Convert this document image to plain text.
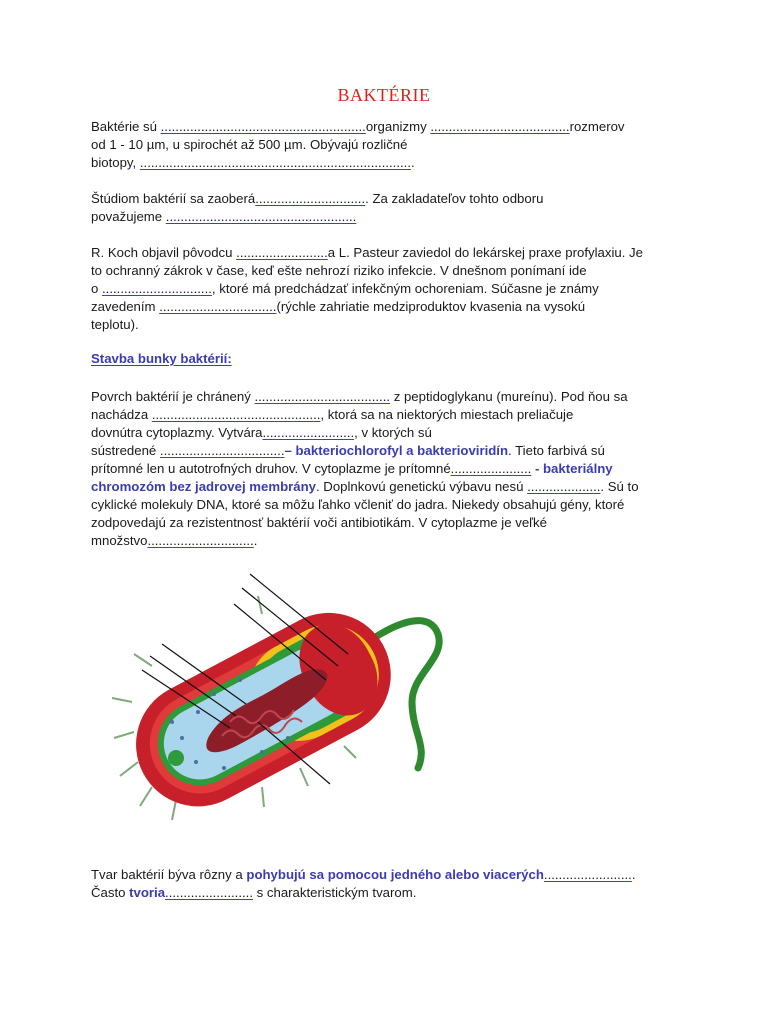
BAKTÉRIE

Baktérie sú ........................................................organizmy ......................................rozmerov
od 1 - 10 µm, u spirochét až 500 µm. Obývajú rozličné
biotopy, ...........................................................................

Štúdiom baktérií sa zaoberá............................... Za zakladateľov tohto odboru
považujeme ....................................................

R. Koch objavil pôvodcu .........................a L. Pasteur zaviedol do lekárskej praxe profylaxiu. Je
to ochranný zákrok v čase, keď ešte nehrozí riziko infekcie. V dnešnom ponímaní ide
o .............................., ktoré má predchádzať infekčným ochoreniam. Súčasne je známy
zavedením ................................(rýchle zahriatie medziproduktov kvasenia na vysokú
teplotu).

Stavba bunky baktérií:

Povrch baktérií je chránený ..................................... z peptidoglykanu (mureínu). Pod ňou sa
nachádza .............................................., ktorá sa na niektorých miestach preliačuje
dovnútra cytoplazmy. Vytvára........................., v ktorých sú
sústredené ..................................– bakteriochlorofyl a bakterioviridín. Tieto farbivá sú
prítomné len u autotrofných druhov. V cytoplazme je prítomné...................... - bakteriálny
chromozóm bez jadrovej membrány. Doplnkovú genetickú výbavu nesú ..................... Sú to
cyklické molekuly DNA, ktoré sa môžu ľahko včleniť do jadra. Niekedy obsahujú gény, ktoré
zodpovedajú za rezistentnosť baktérií voči antibiotikám. V cytoplazme je veľké
množstvo..............................

Tvar baktérií býva rôzny a pohybujú sa pomocou jedného alebo viacerých.........................
Často tvoria........................ s charakteristickým tvarom.
